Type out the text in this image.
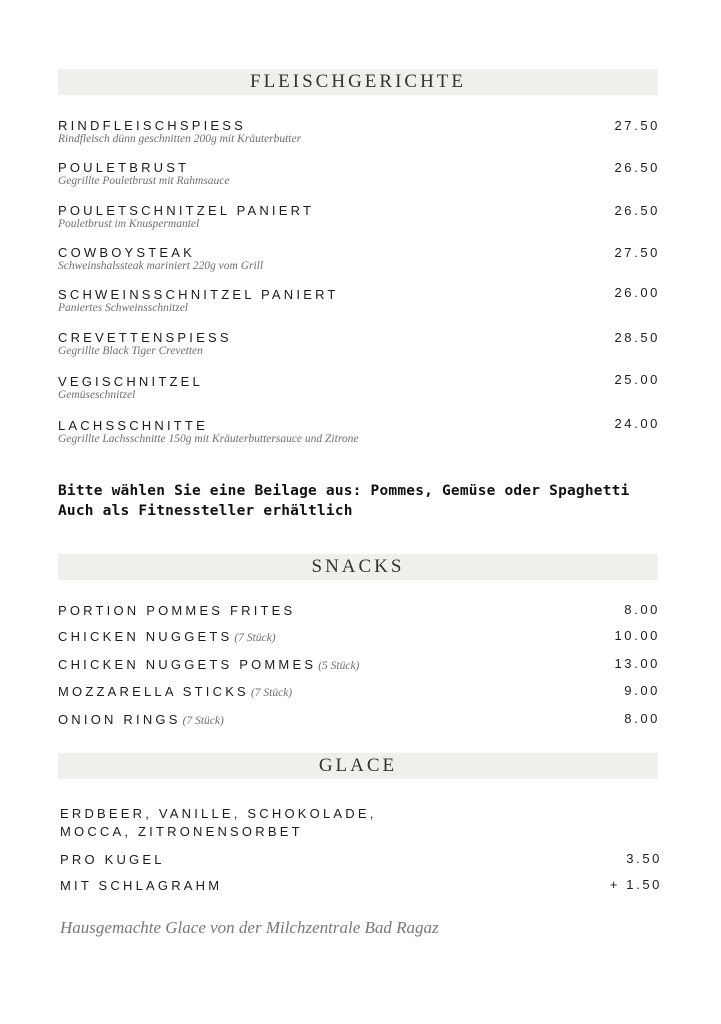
FLEISCHGERICHTE
RINDFLEISCHSPIESS
Rindfleisch dünn geschnitten 200g mit Kräuterbutter
27.50
POULETBRUST
Gegrillte Pouletbrust mit Rahmsauce
26.50
POULETSCHNITZEL PANIERT
Pouletbrust im Knuspermantel
26.50
COWBOYSTEAK
Schweinshalssteak mariniert 220g vom Grill
27.50
SCHWEINSSCHNITZEL PANIERT
Paniertes Schweinsschnitzel
26.00
CREVETTENSPIESS
Gegrillte Black Tiger Crevetten
28.50
VEGISCHNITZEL
Gemüseschnitzel
25.00
LACHSSCHNITTE
Gegrillte Lachsschnitte 150g mit Kräuterbuttersauce und Zitrone
24.00
Bitte wählen Sie eine Beilage aus: Pommes, Gemüse oder Spaghetti
Auch als Fitnessteller erhältlich
SNACKS
PORTION POMMES FRITES	8.00
CHICKEN NUGGETS (7 Stück)	10.00
CHICKEN NUGGETS POMMES (5 Stück)	13.00
MOZZARELLA STICKS (7 Stück)	9.00
ONION RINGS (7 Stück)	8.00
GLACE
ERDBEER, VANILLE, SCHOKOLADE,
MOCCA, ZITRONENSORBET
PRO KUGEL	3.50
MIT SCHLAGRAHM	+ 1.50
Hausgemachte Glace von der Milchzentrale Bad Ragaz
